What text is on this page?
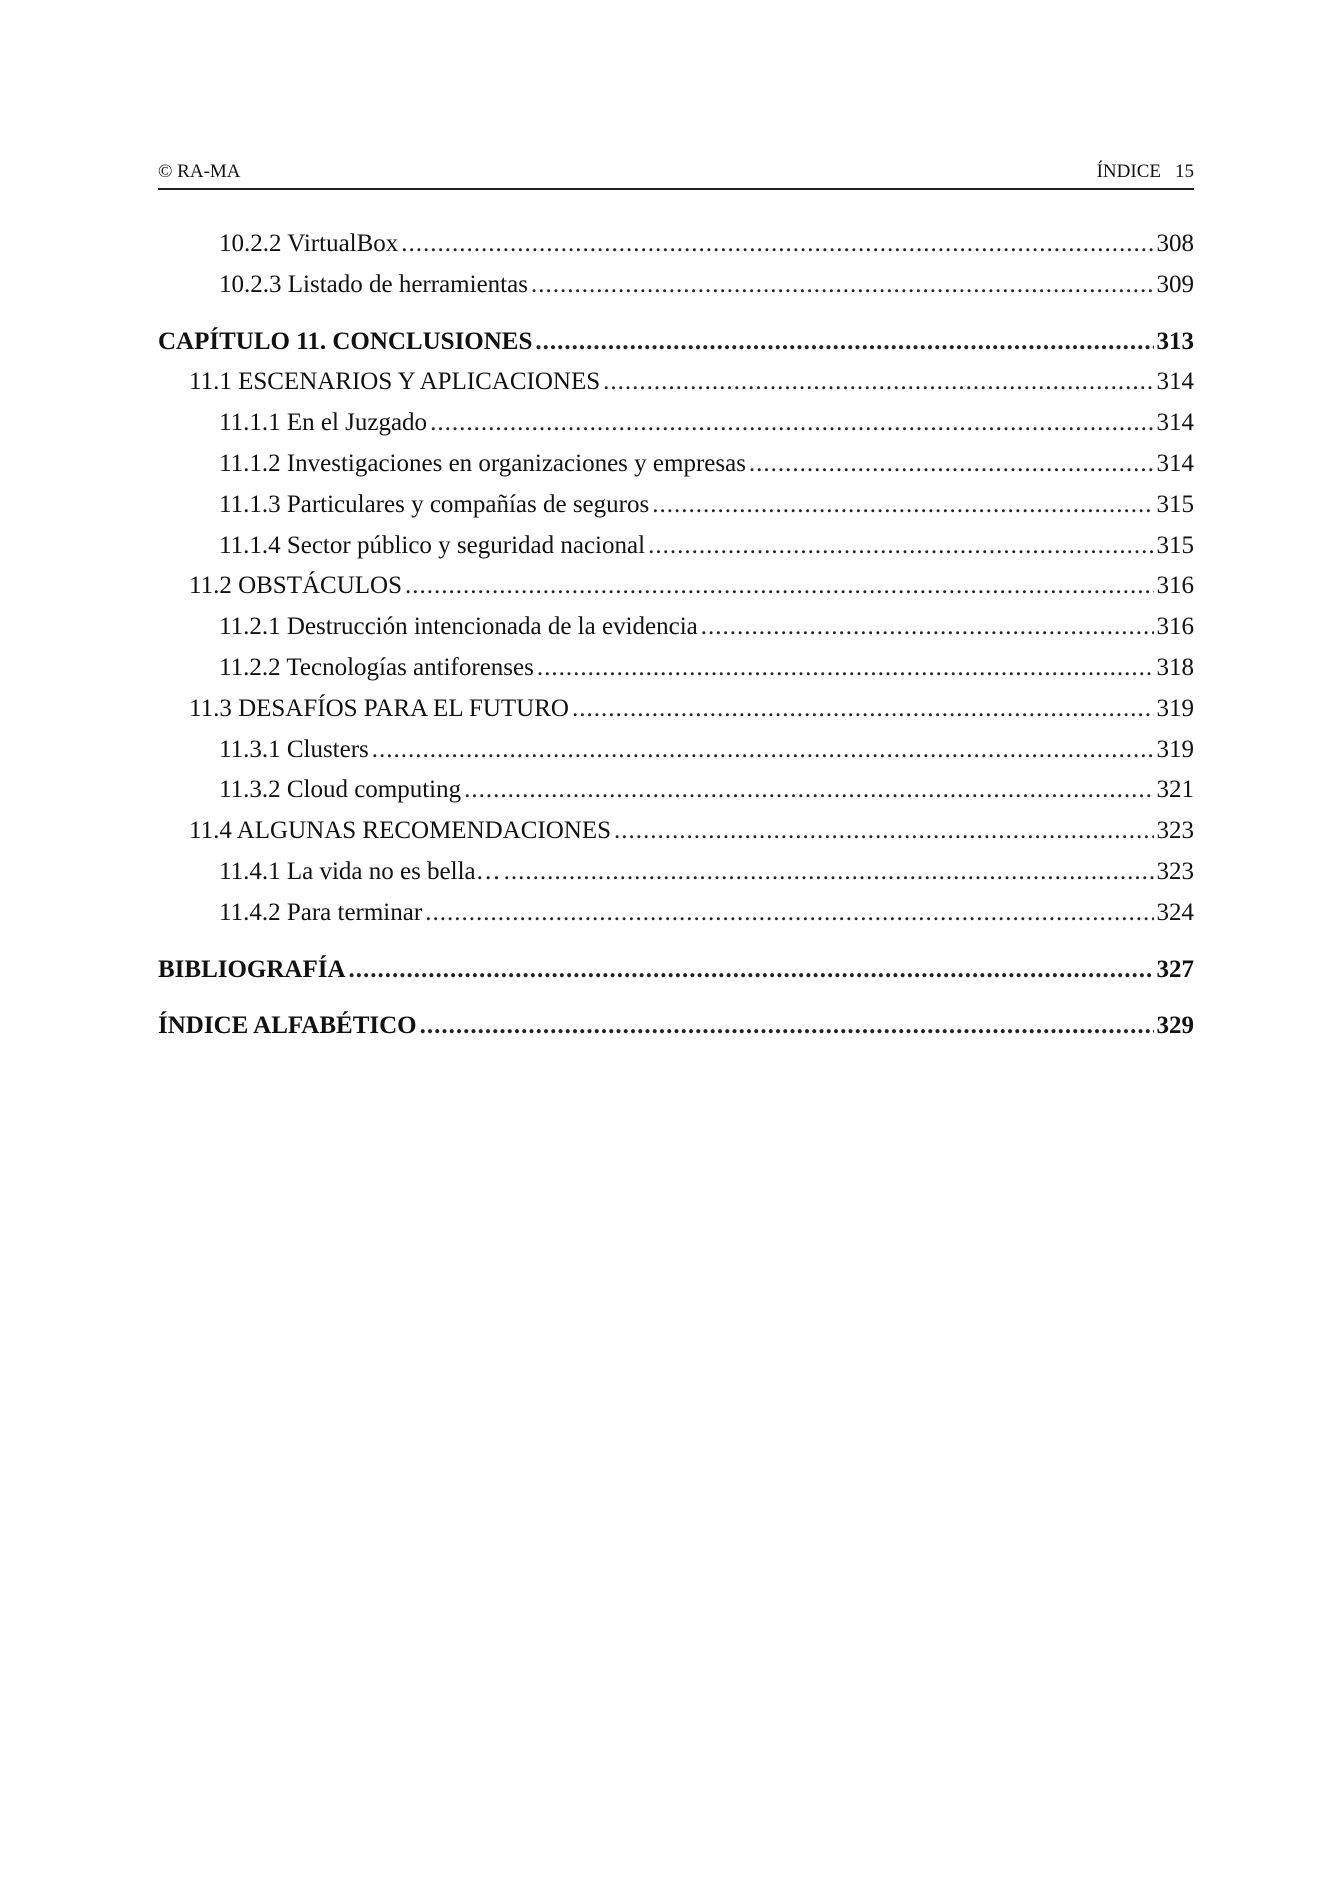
© RA-MA	ÍNDICE 15
10.2.2 VirtualBox .....	308
10.2.3 Listado de herramientas .....	309
CAPÍTULO 11. CONCLUSIONES .....	313
11.1 ESCENARIOS Y APLICACIONES .....	314
11.1.1 En el Juzgado .....	314
11.1.2 Investigaciones en organizaciones y empresas .....	314
11.1.3 Particulares y compañías de seguros .....	315
11.1.4 Sector público y seguridad nacional .....	315
11.2 OBSTÁCULOS .....	316
11.2.1 Destrucción intencionada de la evidencia .....	316
11.2.2 Tecnologías antiforenses .....	318
11.3 DESAFÍOS PARA EL FUTURO .....	319
11.3.1 Clusters .....	319
11.3.2 Cloud computing .....	321
11.4 ALGUNAS RECOMENDACIONES .....	323
11.4.1 La vida no es bella… .....	323
11.4.2 Para terminar .....	324
BIBLIOGRAFÍA .....	327
ÍNDICE ALFABÉTICO .....	329
